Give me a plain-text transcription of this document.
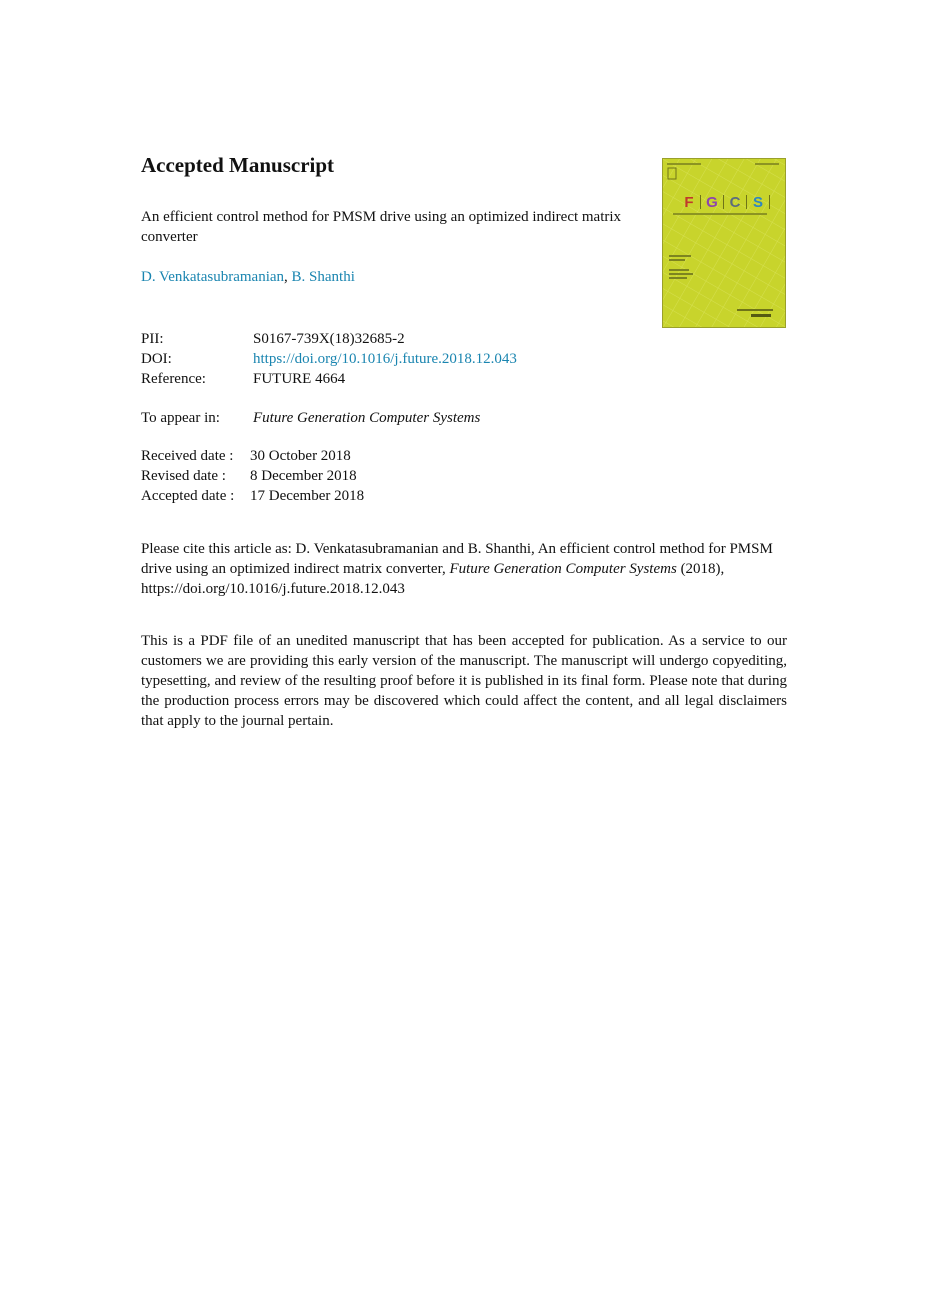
Accepted Manuscript
An efficient control method for PMSM drive using an optimized indirect matrix converter
D. Venkatasubramanian, B. Shanthi
PII:	S0167-739X(18)32685-2
DOI:	https://doi.org/10.1016/j.future.2018.12.043
Reference:	FUTURE 4664
To appear in: Future Generation Computer Systems
Received date : 30 October 2018
Revised date : 8 December 2018
Accepted date : 17 December 2018
Please cite this article as: D. Venkatasubramanian and B. Shanthi, An efficient control method for PMSM drive using an optimized indirect matrix converter, Future Generation Computer Systems (2018), https://doi.org/10.1016/j.future.2018.12.043
This is a PDF file of an unedited manuscript that has been accepted for publication. As a service to our customers we are providing this early version of the manuscript. The manuscript will undergo copyediting, typesetting, and review of the resulting proof before it is published in its final form. Please note that during the production process errors may be discovered which could affect the content, and all legal disclaimers that apply to the journal pertain.
F G C S
